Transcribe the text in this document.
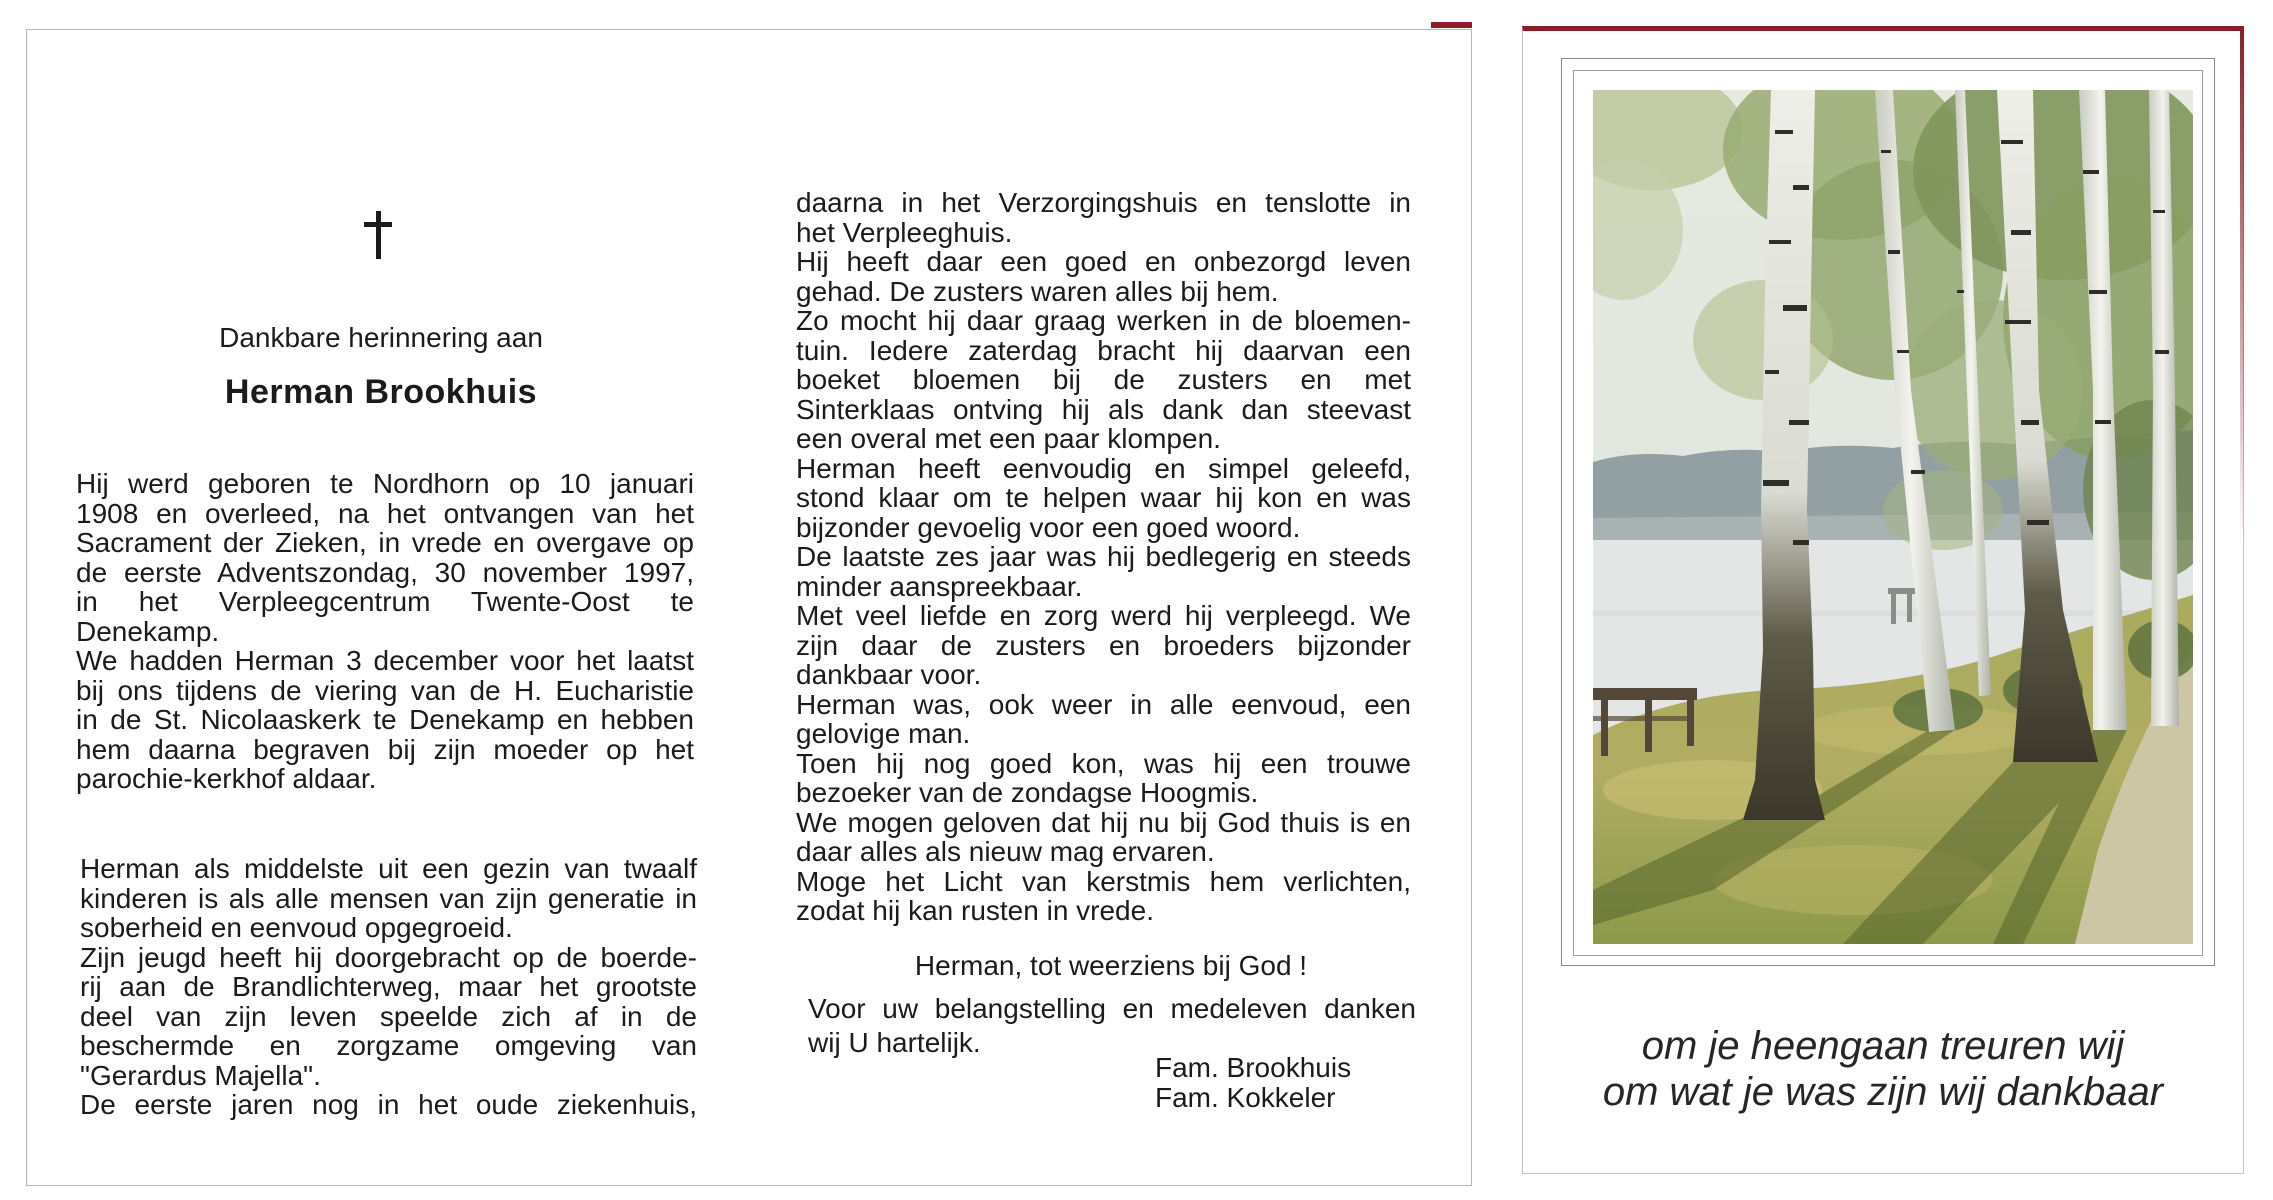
Dankbare herinnering aan
Herman Brookhuis
Hij werd geboren te Nordhorn op 10 januari
1908 en overleed, na het ontvangen van het
Sacrament der Zieken, in vrede en overgave op
de eerste Adventszondag, 30 november 1997,
in het Verpleegcentrum Twente-Oost te
Denekamp.
We hadden Herman 3 december voor het laatst
bij ons tijdens de viering van de H. Eucharistie
in de St. Nicolaaskerk te Denekamp en hebben
hem daarna begraven bij zijn moeder op het
parochie-kerkhof aldaar.
Herman als middelste uit een gezin van twaalf
kinderen is als alle mensen van zijn generatie in
soberheid en eenvoud opgegroeid.
Zijn jeugd heeft hij doorgebracht op de boerde-
rij aan de Brandlichterweg, maar het grootste
deel van zijn leven speelde zich af in de
beschermde en zorgzame omgeving van
"Gerardus Majella".
De eerste jaren nog in het oude ziekenhuis,
daarna in het Verzorgingshuis en tenslotte in
het Verpleeghuis.
Hij heeft daar een goed en onbezorgd leven
gehad. De zusters waren alles bij hem.
Zo mocht hij daar graag werken in de bloemen-
tuin. Iedere zaterdag bracht hij daarvan een
boeket bloemen bij de zusters en met
Sinterklaas ontving hij als dank dan steevast
een overal met een paar klompen.
Herman heeft eenvoudig en simpel geleefd,
stond klaar om te helpen waar hij kon en was
bijzonder gevoelig voor een goed woord.
De laatste zes jaar was hij bedlegerig en steeds
minder aanspreekbaar.
Met veel liefde en zorg werd hij verpleegd. We
zijn daar de zusters en broeders bijzonder
dankbaar voor.
Herman was, ook weer in alle eenvoud, een
gelovige man.
Toen hij nog goed kon, was hij een trouwe
bezoeker van de zondagse Hoogmis.
We mogen geloven dat hij nu bij God thuis is en
daar alles als nieuw mag ervaren.
Moge het Licht van kerstmis hem verlichten,
zodat hij kan rusten in vrede.
Herman, tot weerziens bij God !
Voor uw belangstelling en medeleven danken
wij U hartelijk.
Fam. Brookhuis
Fam. Kokkeler
om je heengaan treuren wij
om wat je was zijn wij dankbaar
